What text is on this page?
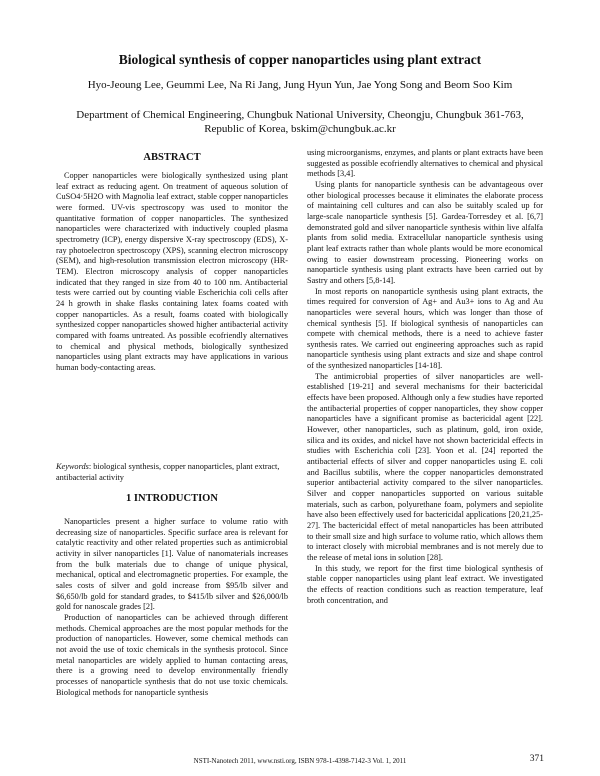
Biological synthesis of copper nanoparticles using plant extract
Hyo-Jeoung Lee, Geummi Lee, Na Ri Jang, Jung Hyun Yun, Jae Yong Song and Beom Soo Kim
Department of Chemical Engineering, Chungbuk National University, Cheongju, Chungbuk 361-763, Republic of Korea, bskim@chungbuk.ac.kr
ABSTRACT

Copper nanoparticles were biologically synthesized using plant leaf extract as reducing agent. On treatment of aqueous solution of CuSO4·5H2O with Magnolia leaf extract, stable copper nanoparticles were formed. UV-vis spectroscopy was used to monitor the quantitative formation of copper nanoparticles. The synthesized nanoparticles were characterized with inductively coupled plasma spectrometry (ICP), energy dispersive X-ray spectroscopy (EDS), X-ray photoelectron spectroscopy (XPS), scanning electron microscopy (SEM), and high-resolution transmission electron microscopy (HR-TEM). Electron microscopy analysis of copper nanoparticles indicated that they ranged in size from 40 to 100 nm. Antibacterial tests were carried out by counting viable Escherichia coli cells after 24 h growth in shake flasks containing latex foams coated with copper nanoparticles. As a result, foams coated with biologically synthesized copper nanoparticles showed higher antibacterial activity compared with foams untreated. As possible ecofriendly alternatives to chemical and physical methods, biologically synthesized nanoparticles using plant extracts may have applications in various human body-contacting areas.

Keywords: biological synthesis, copper nanoparticles, plant extract, antibacterial activity
1 INTRODUCTION

Nanoparticles present a higher surface to volume ratio with decreasing size of nanoparticles. Specific surface area is relevant for catalytic reactivity and other related properties such as antimicrobial activity in silver nanoparticles [1]. Value of nanomaterials increases from the bulk materials due to change of unique physical, mechanical, optical and electromagnetic properties. For example, the sales costs of silver and gold increase from $95/lb silver and $6,650/lb gold for standard grades, to $415/lb silver and $26,000/lb gold for nanoscale grades [2].

Production of nanoparticles can be achieved through different methods. Chemical approaches are the most popular methods for the production of nanoparticles. However, some chemical methods can not avoid the use of toxic chemicals in the synthesis protocol. Since metal nanoparticles are widely applied to human contacting areas, there is a growing need to develop environmentally friendly processes of nanoparticle synthesis that do not use toxic chemicals. Biological methods for nanoparticle synthesis

using microorganisms, enzymes, and plants or plant extracts have been suggested as possible ecofriendly alternatives to chemical and physical methods [3,4].

Using plants for nanoparticle synthesis can be advantageous over other biological processes because it eliminates the elaborate process of maintaining cell cultures and can also be suitably scaled up for large-scale nanoparticle synthesis [5]. Gardea-Torresdey et al. [6,7] demonstrated gold and silver nanoparticle synthesis within live alfalfa plants from solid media. Extracellular nanoparticle synthesis using plant leaf extracts rather than whole plants would be more economical owing to easier downstream processing. Pioneering works on nanoparticle synthesis using plant extracts have been carried out by Sastry and others [5,8-14].

In most reports on nanoparticle synthesis using plant extracts, the times required for conversion of Ag+ and Au3+ ions to Ag and Au nanoparticles were several hours, which was longer than those of chemical synthesis [5]. If biological synthesis of nanoparticles can compete with chemical methods, there is a need to achieve faster synthesis rates. We carried out engineering approaches such as rapid nanoparticle synthesis using plant extracts and size and shape control of the synthesized nanoparticles [14-18].

The antimicrobial properties of silver nanoparticles are well-established [19-21] and several mechanisms for their bactericidal effects have been proposed. Although only a few studies have reported the antibacterial properties of copper nanoparticles, they show copper nanoparticles have a significant promise as bactericidal agent [22]. However, other nanoparticles, such as platinum, gold, iron oxide, silica and its oxides, and nickel have not shown bactericidal effects in studies with Escherichia coli [23]. Yoon et al. [24] reported the antibacterial effects of silver and copper nanoparticles using E. coli and Bacillus subtilis, where the copper nanoparticles demonstrated superior antibacterial activity compared to the silver nanoparticles. Silver and copper nanoparticles supported on various suitable materials, such as carbon, polyurethane foam, polymers and sepiolite have also been effectively used for bactericidal applications [20,21,25-27]. The bactericidal effect of metal nanoparticles has been attributed to their small size and high surface to volume ratio, which allows them to interact closely with microbial membranes and is not merely due to the release of metal ions in solution [28].

In this study, we report for the first time biological synthesis of stable copper nanoparticles using plant leaf extract. We investigated the effects of reaction conditions such as reaction temperature, leaf broth concentration, and

NSTI-Nanotech 2011, www.nsti.org, ISBN 978-1-4398-7142-3 Vol. 1, 2011	371
